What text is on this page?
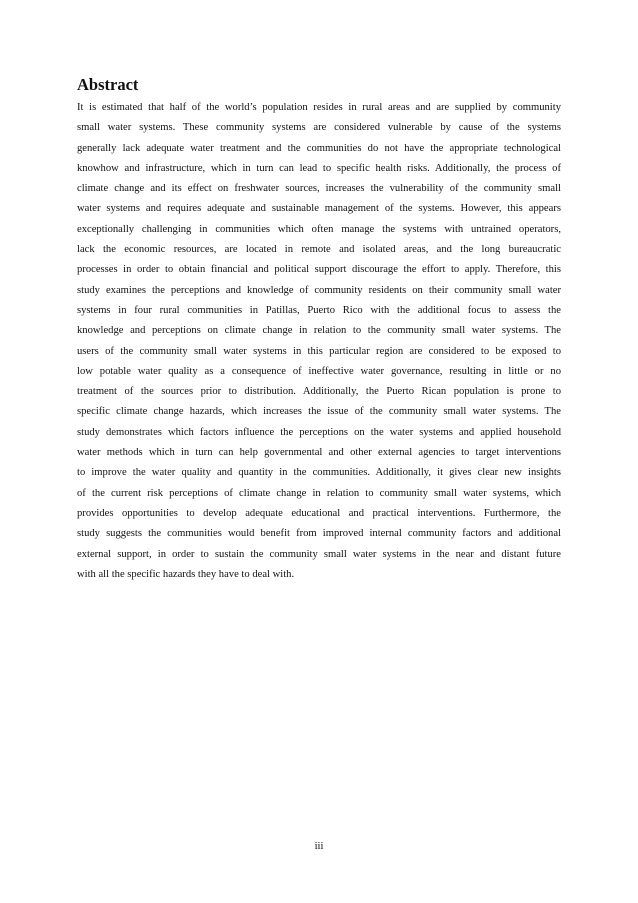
Abstract
It is estimated that half of the world’s population resides in rural areas and are supplied by community
small water systems. These community systems are considered vulnerable by cause of the systems
generally lack adequate water treatment and the communities do not have the appropriate technological
knowhow and infrastructure, which in turn can lead to specific health risks. Additionally, the process of
climate change and its effect on freshwater sources, increases the vulnerability of the community small
water systems and requires adequate and sustainable management of the systems. However, this appears
exceptionally challenging in communities which often manage the systems with untrained operators,
lack the economic resources, are located in remote and isolated areas, and the long bureaucratic
processes in order to obtain financial and political support discourage the effort to apply. Therefore, this
study examines the perceptions and knowledge of community residents on their community small water
systems in four rural communities in Patillas, Puerto Rico with the additional focus to assess the
knowledge and perceptions on climate change in relation to the community small water systems. The
users of the community small water systems in this particular region are considered to be exposed to
low potable water quality as a consequence of ineffective water governance, resulting in little or no
treatment of the sources prior to distribution. Additionally, the Puerto Rican population is prone to
specific climate change hazards, which increases the issue of the community small water systems. The
study demonstrates which factors influence the perceptions on the water systems and applied household
water methods which in turn can help governmental and other external agencies to target interventions
to improve the water quality and quantity in the communities. Additionally, it gives clear new insights
of the current risk perceptions of climate change in relation to community small water systems, which
provides opportunities to develop adequate educational and practical interventions. Furthermore, the
study suggests the communities would benefit from improved internal community factors and additional
external support, in order to sustain the community small water systems in the near and distant future
with all the specific hazards they have to deal with.
iii
